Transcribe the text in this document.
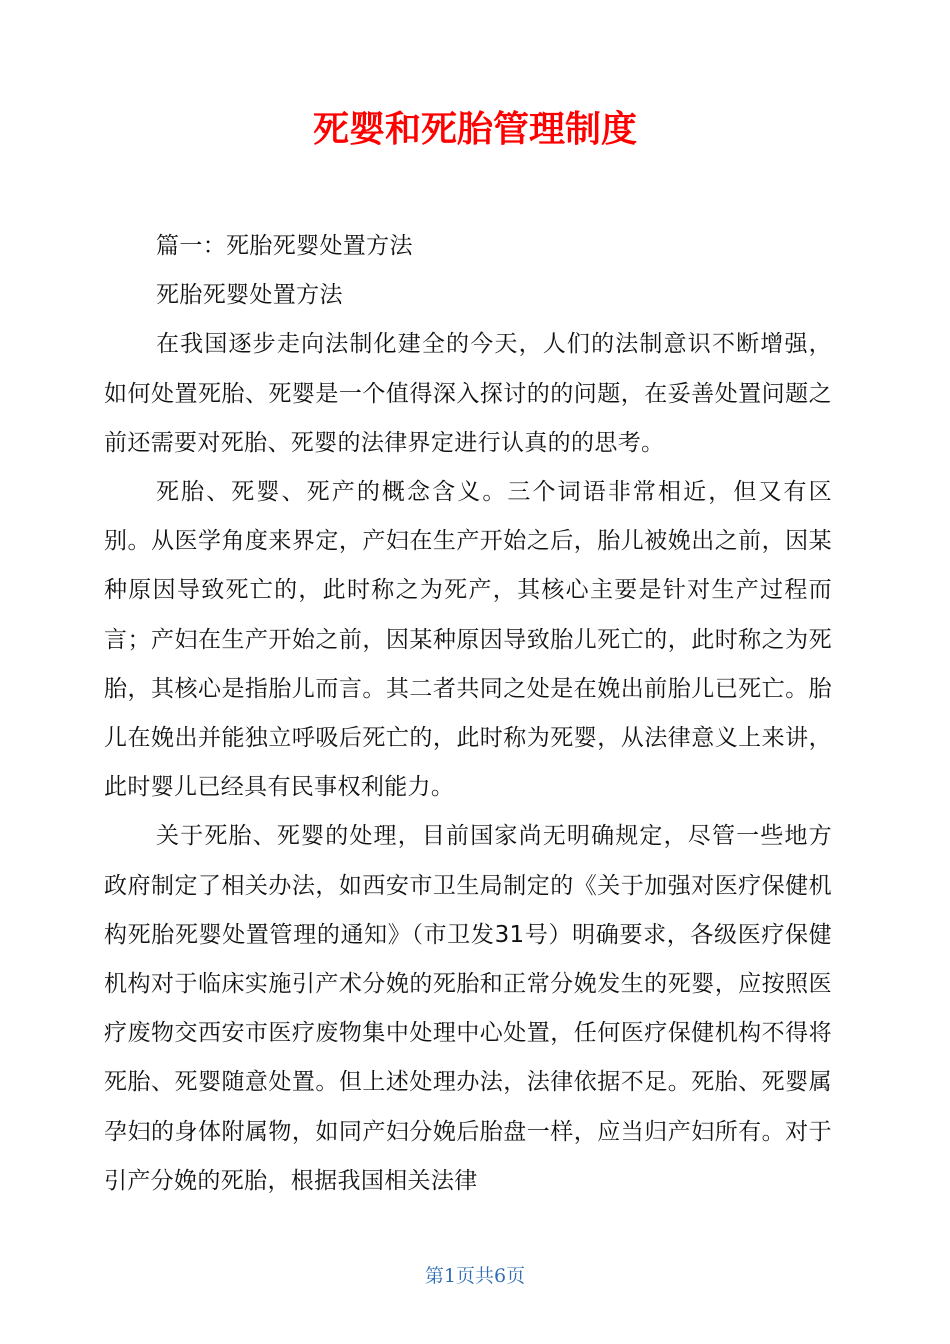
死婴和死胎管理制度

篇一：死胎死婴处置方法

死胎死婴处置方法

在我国逐步走向法制化建全的今天，人们的法制意识不断增强，如何处置死胎、死婴是一个值得深入探讨的的问题，在妥善处置问题之前还需要对死胎、死婴的法律界定进行认真的的思考。

死胎、死婴、死产的概念含义。三个词语非常相近，但又有区别。从医学角度来界定，产妇在生产开始之后，胎儿被娩出之前，因某种原因导致死亡的，此时称之为死产，其核心主要是针对生产过程而言；产妇在生产开始之前，因某种原因导致胎儿死亡的，此时称之为死胎，其核心是指胎儿而言。其二者共同之处是在娩出前胎儿已死亡。胎儿在娩出并能独立呼吸后死亡的，此时称为死婴，从法律意义上来讲，此时婴儿已经具有民事权利能力。

关于死胎、死婴的处理，目前国家尚无明确规定，尽管一些地方政府制定了相关办法，如西安市卫生局制定的《关于加强对医疗保健机构死胎死婴处置管理的通知》（市卫发31号）明确要求，各级医疗保健机构对于临床实施引产术分娩的死胎和正常分娩发生的死婴，应按照医疗废物交西安市医疗废物集中处理中心处置，任何医疗保健机构不得将死胎、死婴随意处置。但上述处理办法，法律依据不足。死胎、死婴属孕妇的身体附属物，如同产妇分娩后胎盘一样，应当归产妇所有。对于引产分娩的死胎，根据我国相关法律

第1页共6页
